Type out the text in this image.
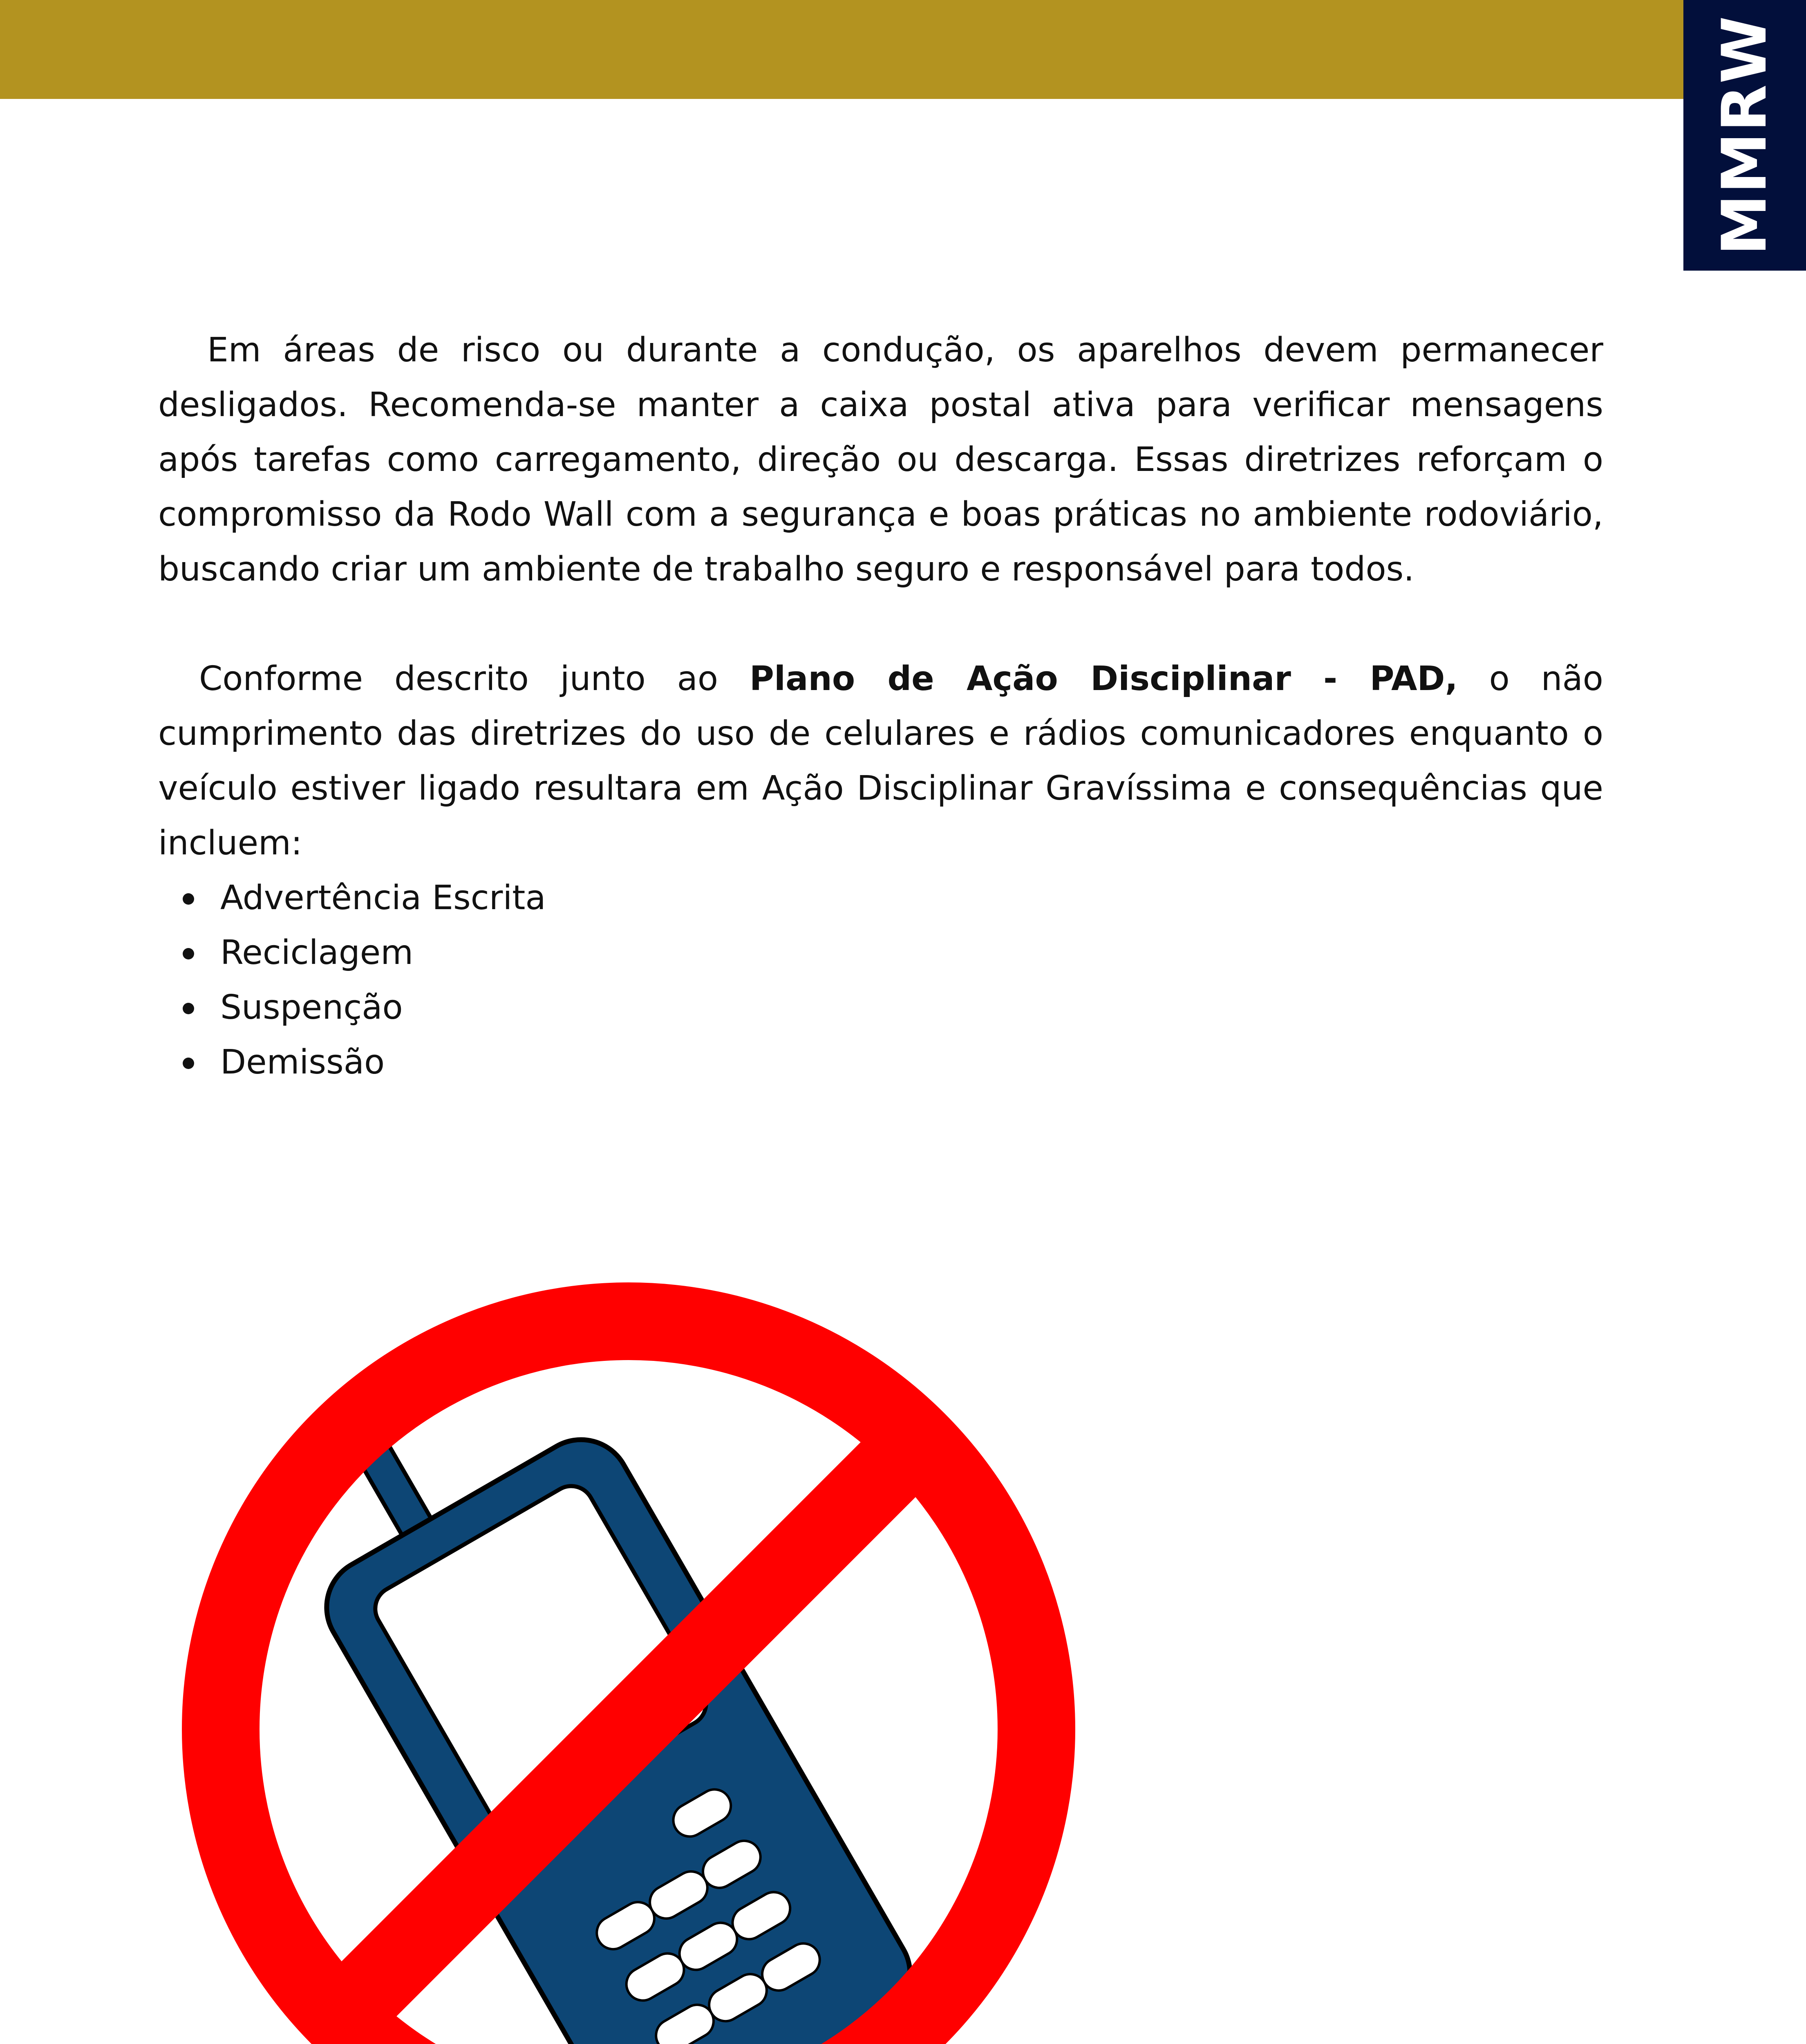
MMRW

Em áreas de risco ou durante a condução, os aparelhos devem permanecer desligados. Recomenda-se manter a caixa postal ativa para verificar mensagens após tarefas como carregamento, direção ou descarga. Essas diretrizes reforçam o compromisso da Rodo Wall com a segurança e boas práticas no ambiente rodoviário, buscando criar um ambiente de trabalho seguro e responsável para todos.

Conforme descrito junto ao Plano de Ação Disciplinar - PAD, o não cumprimento das diretrizes do uso de celulares e rádios comunicadores enquanto o veículo estiver ligado resultara em Ação Disciplinar Gravíssima e consequências que incluem:

Advertência Escrita
Reciclagem
Suspenção
Demissão
